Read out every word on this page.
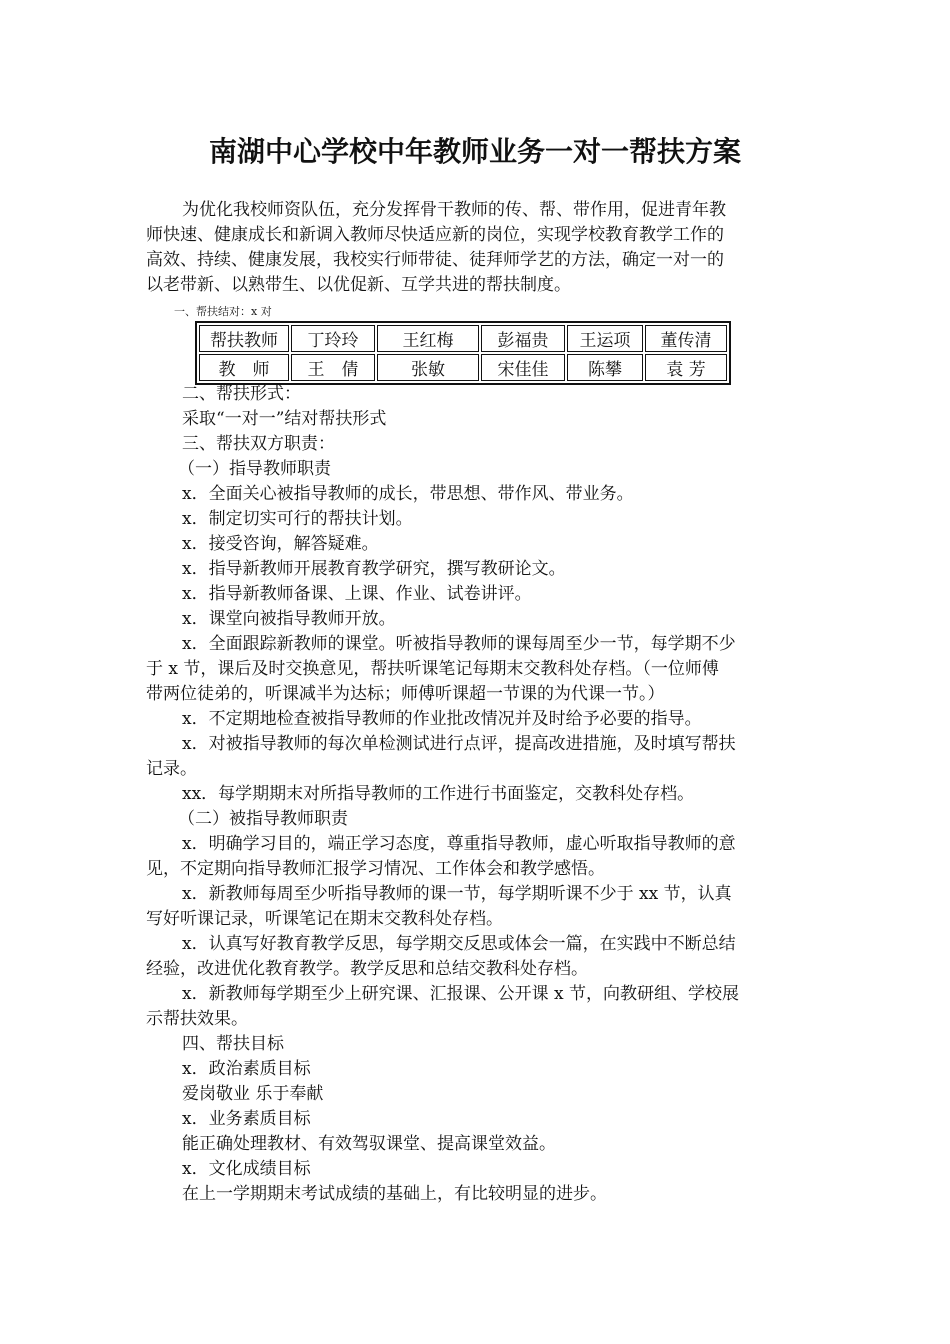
南湖中心学校中年教师业务一对一帮扶方案
为优化我校师资队伍，充分发挥骨干教师的传、帮、带作用，促进青年教
师快速、健康成长和新调入教师尽快适应新的岗位，实现学校教育教学工作的
高效、持续、健康发展，我校实行师带徒、徒拜师学艺的方法，确定一对一的
以老带新、以熟带生、以优促新、互学共进的帮扶制度。
一、帮扶结对：x 对
帮扶教师	丁玲玲	王红梅	彭福贵	王运项	董传清
教　师	王　倩	张敏	宋佳佳	陈攀	袁 芳
二、帮扶形式：
采取“一对一”结对帮扶形式
三、帮扶双方职责：
（一）指导教师职责
x．全面关心被指导教师的成长，带思想、带作风、带业务。
x．制定切实可行的帮扶计划。
x．接受咨询，解答疑难。
x．指导新教师开展教育教学研究，撰写教研论文。
x．指导新教师备课、上课、作业、试卷讲评。
x．课堂向被指导教师开放。
x．全面跟踪新教师的课堂。听被指导教师的课每周至少一节，每学期不少
于 x 节，课后及时交换意见，帮扶听课笔记每期末交教科处存档。（一位师傅
带两位徒弟的，听课减半为达标；师傅听课超一节课的为代课一节。）
x．不定期地检查被指导教师的作业批改情况并及时给予必要的指导。
x．对被指导教师的每次单检测试进行点评，提高改进措施，及时填写帮扶
记录。
xx．每学期期末对所指导教师的工作进行书面鉴定，交教科处存档。
（二）被指导教师职责
x．明确学习目的，端正学习态度，尊重指导教师，虚心听取指导教师的意
见，不定期向指导教师汇报学习情况、工作体会和教学感悟。
x．新教师每周至少听指导教师的课一节，每学期听课不少于 xx 节，认真
写好听课记录，听课笔记在期末交教科处存档。
x．认真写好教育教学反思，每学期交反思或体会一篇，在实践中不断总结
经验，改进优化教育教学。教学反思和总结交教科处存档。
x．新教师每学期至少上研究课、汇报课、公开课 x 节，向教研组、学校展
示帮扶效果。
四、帮扶目标
x．政治素质目标
爱岗敬业 乐于奉献
x．业务素质目标
能正确处理教材、有效驾驭课堂、提高课堂效益。
x．文化成绩目标
在上一学期期末考试成绩的基础上，有比较明显的进步。
